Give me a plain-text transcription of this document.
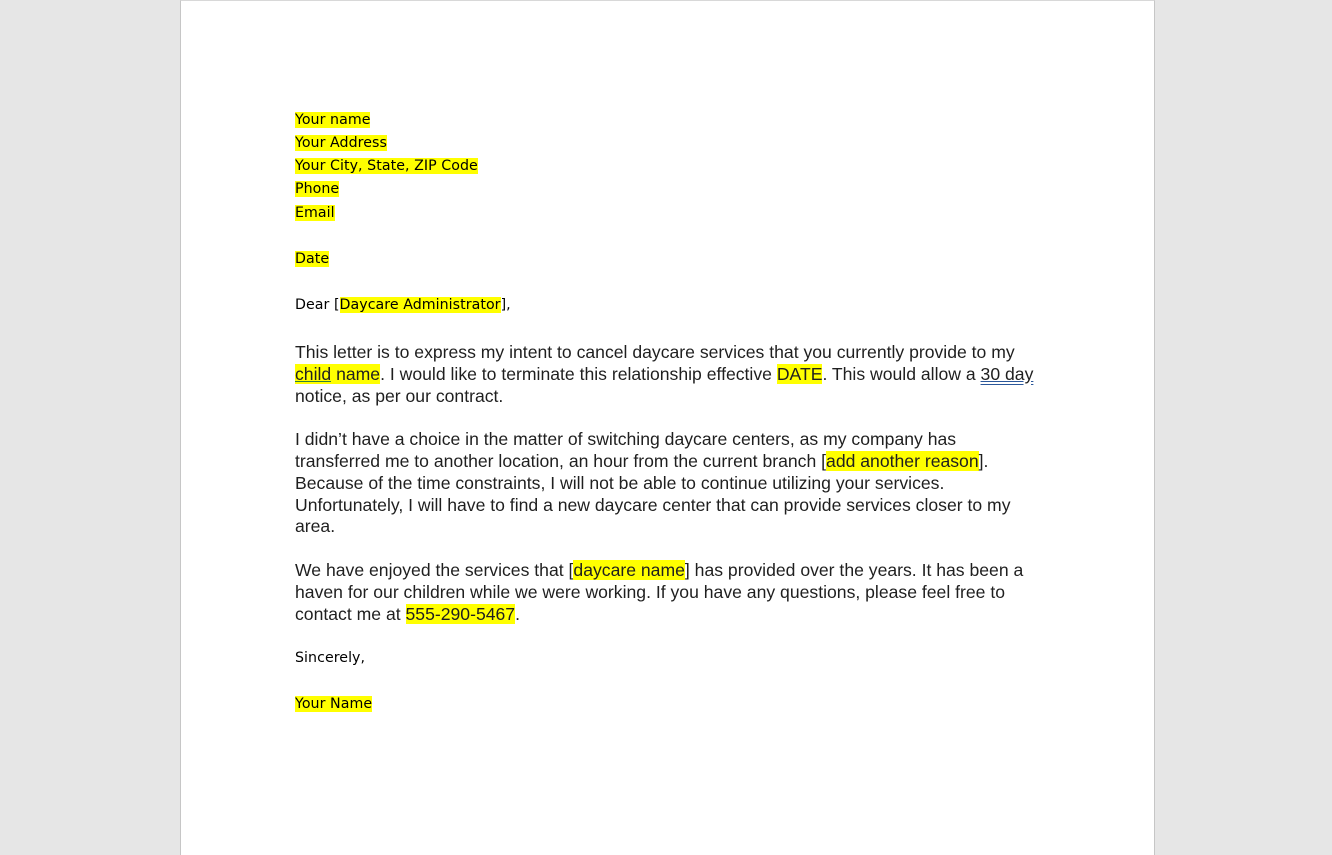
Your name
Your Address
Your City, State, ZIP Code
Phone
Email
Date
Dear [Daycare Administrator],
This letter is to express my intent to cancel daycare services that you currently provide to my
child name. I would like to terminate this relationship effective DATE. This would allow a 30 day
notice, as per our contract.
I didn’t have a choice in the matter of switching daycare centers, as my company has
transferred me to another location, an hour from the current branch [add another reason].
Because of the time constraints, I will not be able to continue utilizing your services.
Unfortunately, I will have to find a new daycare center that can provide services closer to my
area.
We have enjoyed the services that [daycare name] has provided over the years. It has been a
haven for our children while we were working. If you have any questions, please feel free to
contact me at 555-290-5467.
Sincerely,
Your Name
